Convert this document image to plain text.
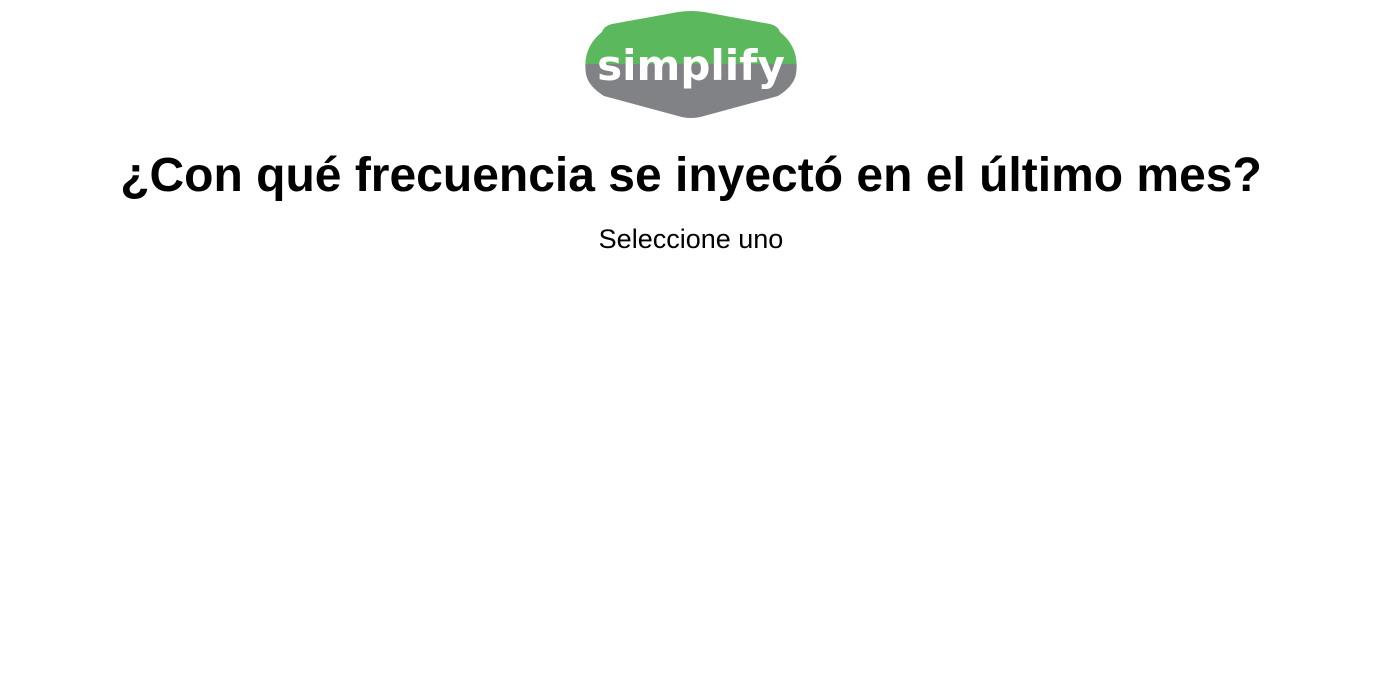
simplify
¿Con qué frecuencia se inyectó en el último mes?

Seleccione uno
